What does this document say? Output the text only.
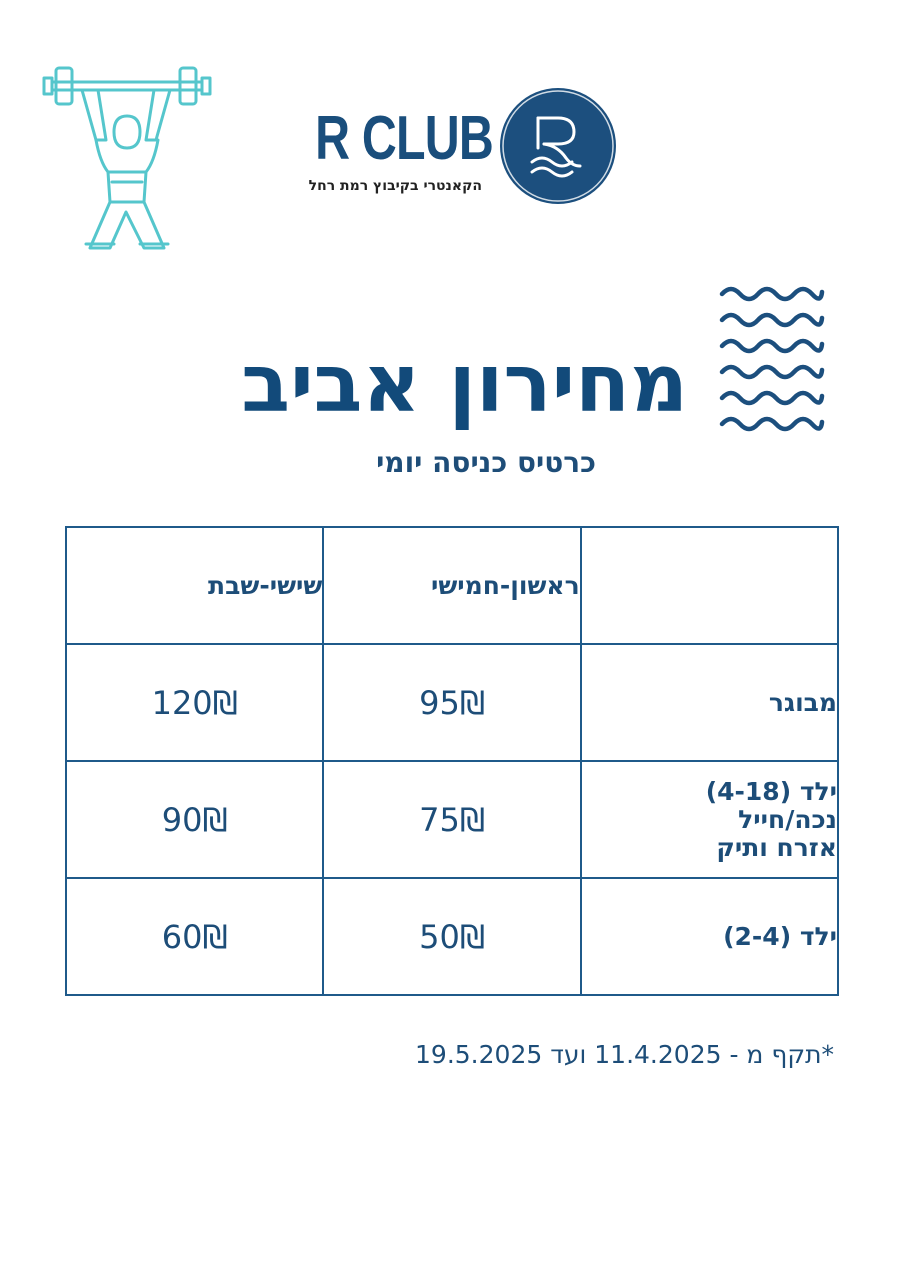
R CLUB
הקאנטרי בקיבוץ רמת רחל
מחירון אביב
כרטיס כניסה יומי
	ראשון-חמישי	שישי-שבת

מבוגר	95₪	120₪

ילד (4-18)
נכה/חייל
אזרח ותיק	75₪	90₪

ילד (2-4)	50₪	60₪
*תקף מ - 11.4.2025 ועד 19.5.2025
